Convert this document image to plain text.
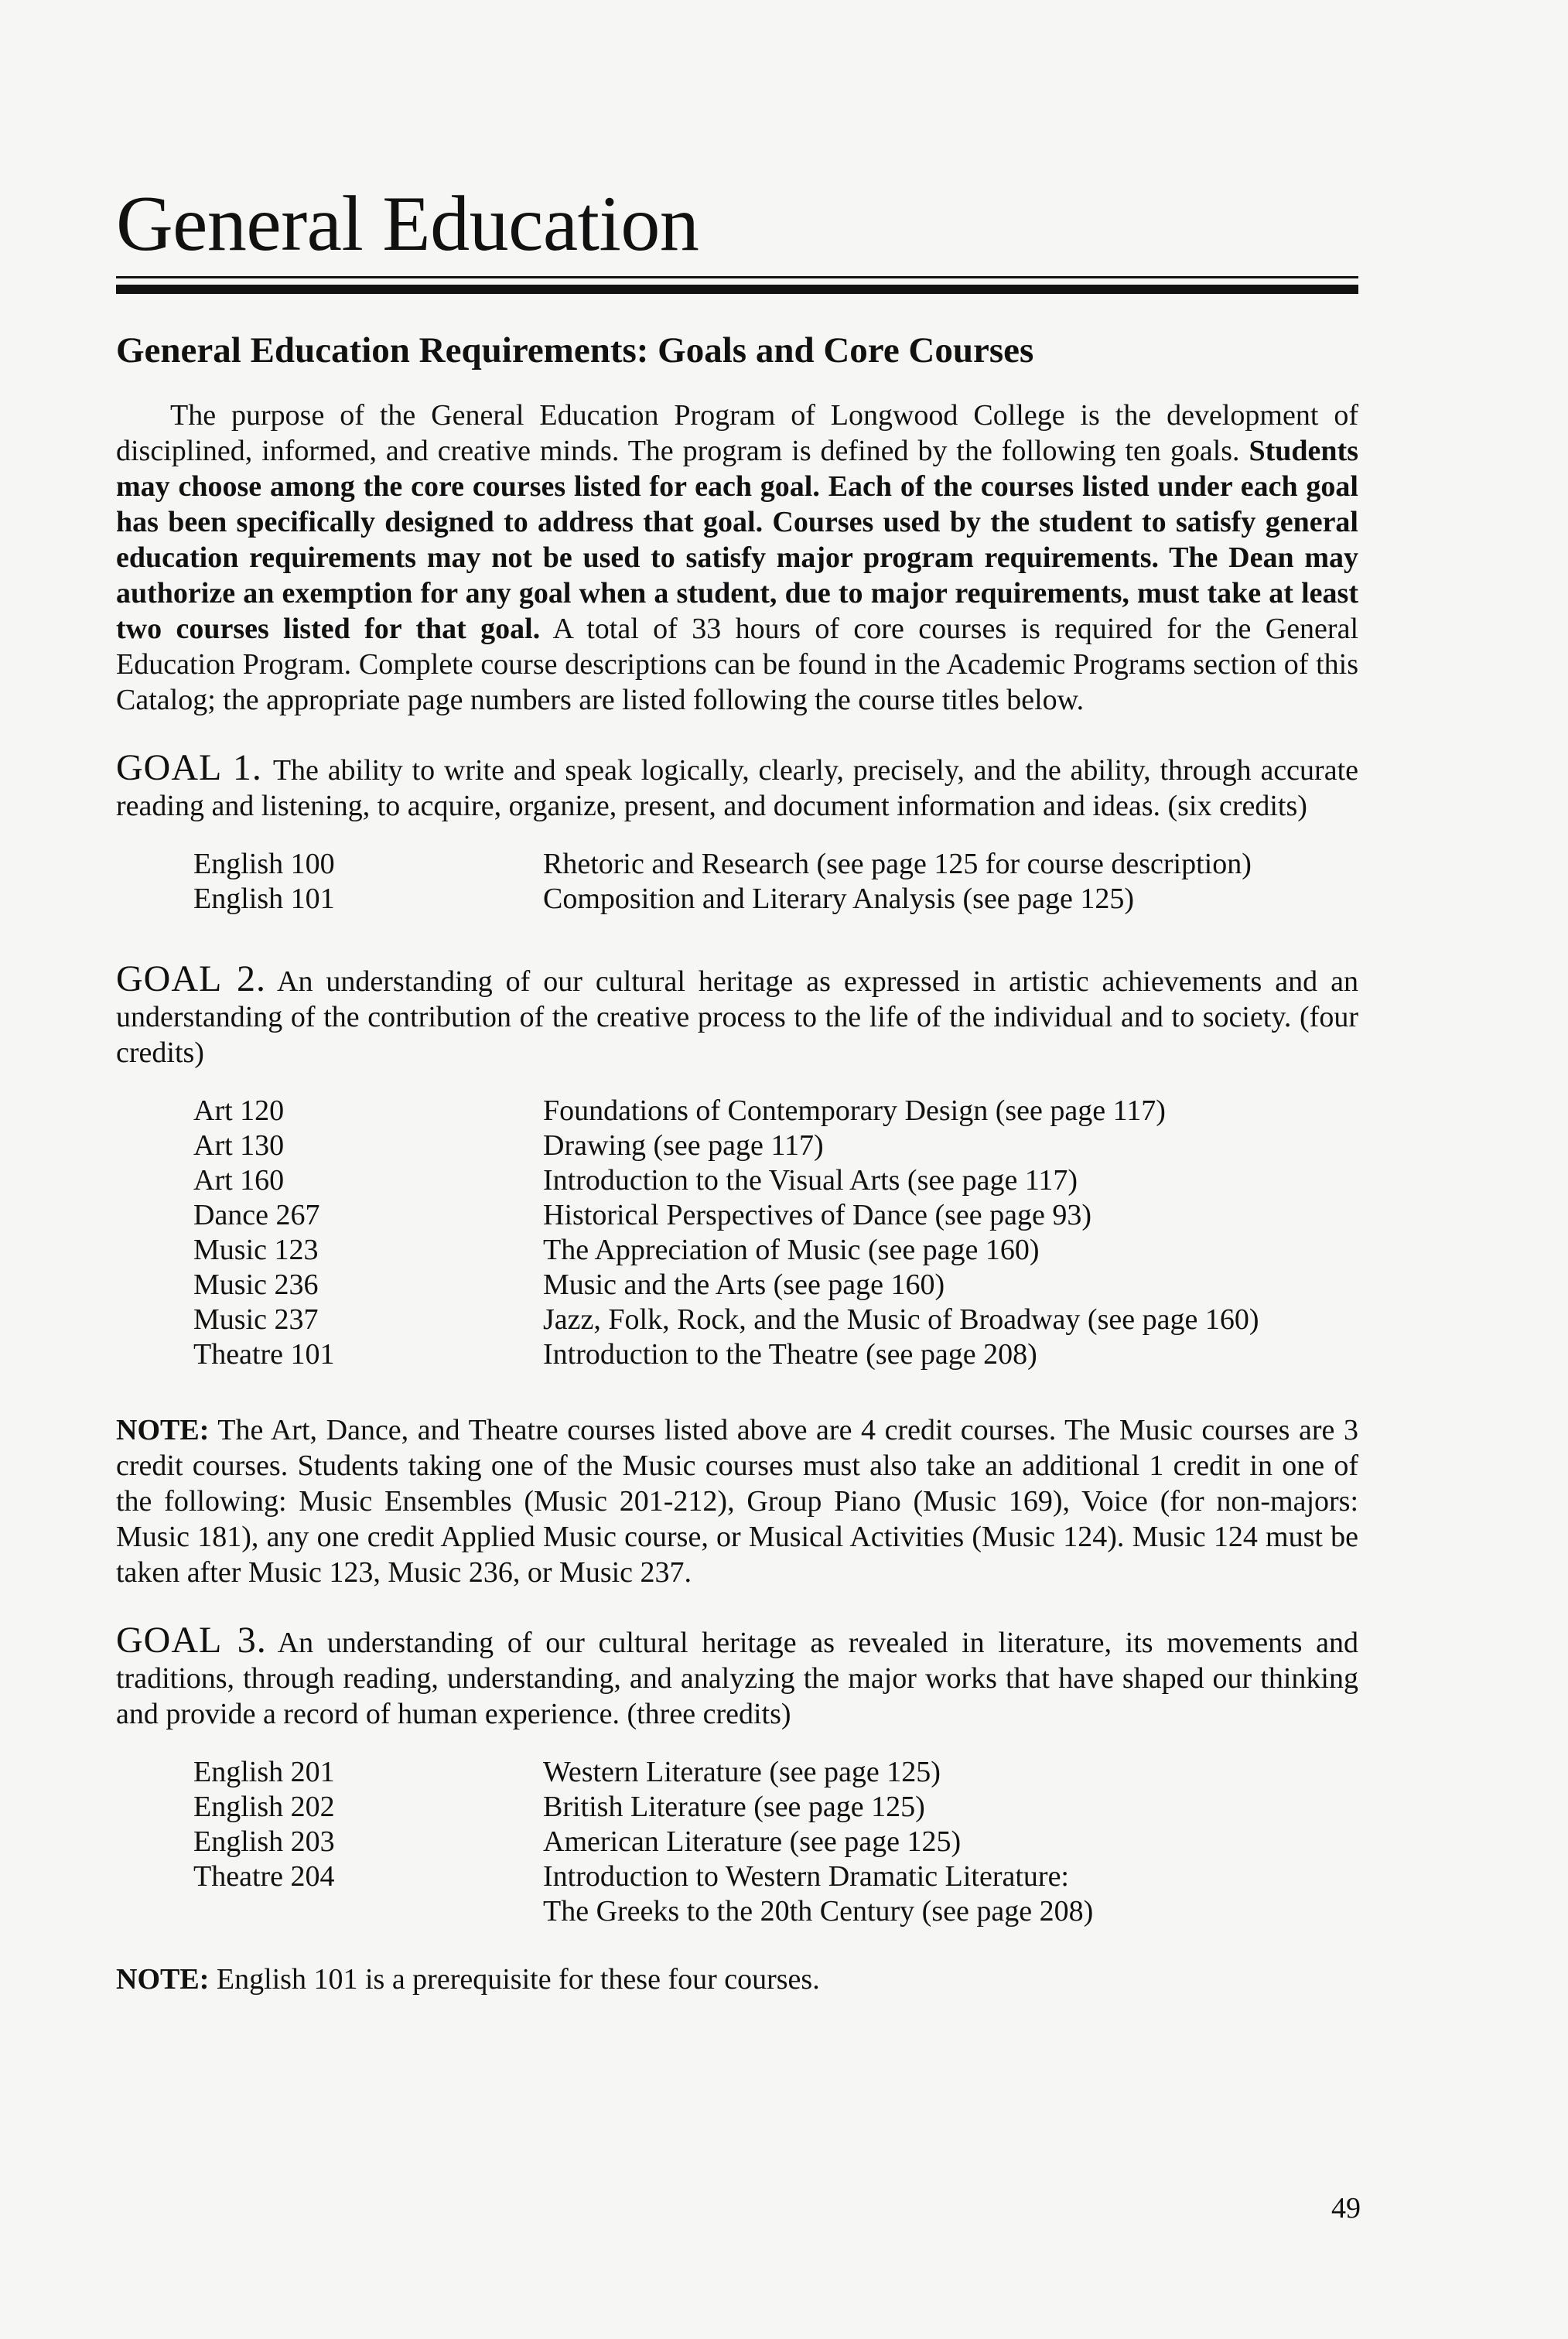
General Education
General Education Requirements: Goals and Core Courses

The purpose of the General Education Program of Longwood College is the development of disciplined, informed, and creative minds. The program is defined by the following ten goals. Students may choose among the core courses listed for each goal. Each of the courses listed under each goal has been specifically designed to address that goal. Courses used by the student to satisfy general education requirements may not be used to satisfy major program requirements. The Dean may authorize an exemption for any goal when a student, due to major requirements, must take at least two courses listed for that goal. A total of 33 hours of core courses is required for the General Education Program. Complete course descriptions can be found in the Academic Programs section of this Catalog; the appropriate page numbers are listed following the course titles below.

GOAL 1. The ability to write and speak logically, clearly, precisely, and the ability, through accurate reading and listening, to acquire, organize, present, and document information and ideas. (six credits)

English 100	Rhetoric and Research (see page 125 for course description)
English 101	Composition and Literary Analysis (see page 125)

GOAL 2. An understanding of our cultural heritage as expressed in artistic achievements and an understanding of the contribution of the creative process to the life of the individual and to society. (four credits)

Art 120	Foundations of Contemporary Design (see page 117)
Art 130	Drawing (see page 117)
Art 160	Introduction to the Visual Arts (see page 117)
Dance 267	Historical Perspectives of Dance (see page 93)
Music 123	The Appreciation of Music (see page 160)
Music 236	Music and the Arts (see page 160)
Music 237	Jazz, Folk, Rock, and the Music of Broadway (see page 160)
Theatre 101	Introduction to the Theatre (see page 208)

NOTE: The Art, Dance, and Theatre courses listed above are 4 credit courses. The Music courses are 3 credit courses. Students taking one of the Music courses must also take an additional 1 credit in one of the following: Music Ensembles (Music 201-212), Group Piano (Music 169), Voice (for non-majors: Music 181), any one credit Applied Music course, or Musical Activities (Music 124). Music 124 must be taken after Music 123, Music 236, or Music 237.

GOAL 3. An understanding of our cultural heritage as revealed in literature, its movements and traditions, through reading, understanding, and analyzing the major works that have shaped our thinking and provide a record of human experience. (three credits)

English 201	Western Literature (see page 125)
English 202	British Literature (see page 125)
English 203	American Literature (see page 125)
Theatre 204	Introduction to Western Dramatic Literature:
The Greeks to the 20th Century (see page 208)

NOTE: English 101 is a prerequisite for these four courses.

49
